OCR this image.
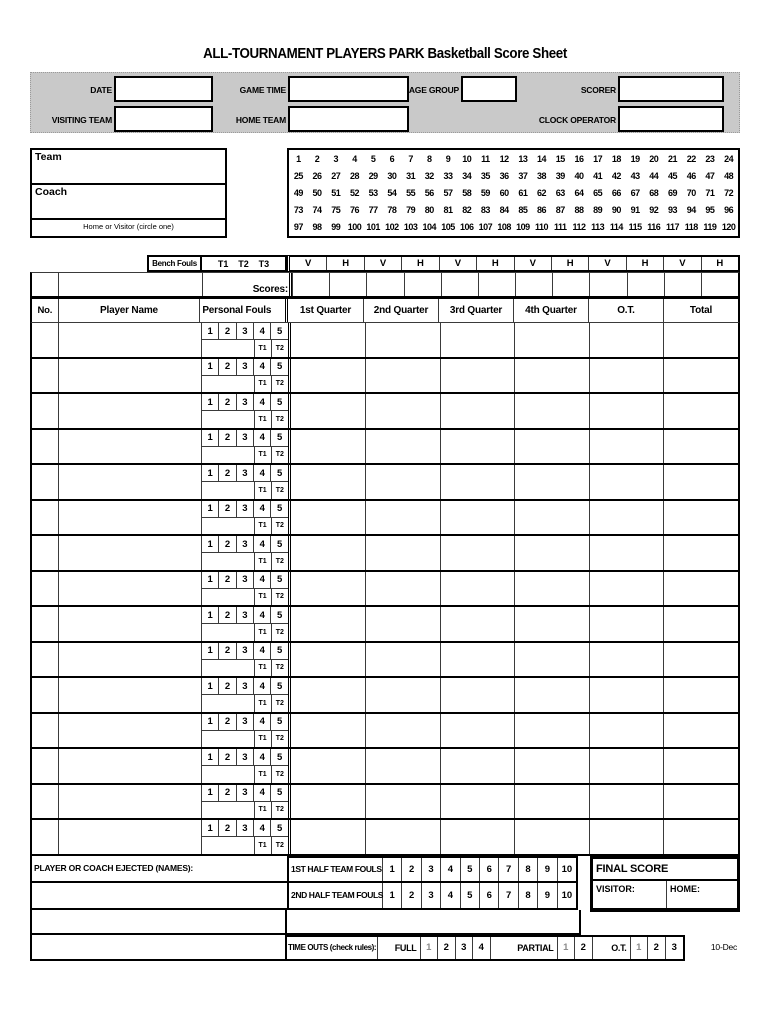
ALL-TOURNAMENT PLAYERS PARK Basketball Score Sheet
DATE	GAME TIME	AGE GROUP	SCORER
VISITING TEAM	HOME TEAM	CLOCK OPERATOR
Team
Coach
Home or Visitor (circle one)
1	2	3	4	5	6	7	8	9	10	11	12	13	14	15	16	17	18	19	20	21	22	23	24
25	26	27	28	29	30	31	32	33	34	35	36	37	38	39	40	41	42	43	44	45	46	47	48
49	50	51	52	53	54	55	56	57	58	59	60	61	62	63	64	65	66	67	68	69	70	71	72
73	74	75	76	77	78	79	80	81	82	83	84	85	86	87	88	89	90	91	92	93	94	95	96
97	98	99 100 101 102 103 104 105 106 107 108 109 110 111 112 113 114 115 116 117 118 119 120
Bench Fouls	T1 T2 T3	V	H	V	H	V	H	V	H	V	H	V	H
Scores:
No.	Player Name	Personal Fouls	1st Quarter	2nd Quarter	3rd Quarter	4th Quarter	O.T.	Total
1	2	3	4	5
T1	T2
1	2	3	4	5
T1	T2
1	2	3	4	5
T1	T2
1	2	3	4	5
T1	T2
1	2	3	4	5
T1	T2
1	2	3	4	5
T1	T2
1	2	3	4	5
T1	T2
1	2	3	4	5
T1	T2
1	2	3	4	5
T1	T2
1	2	3	4	5
T1	T2
1	2	3	4	5
T1	T2
1	2	3	4	5
T1	T2
1	2	3	4	5
T1	T2
1	2	3	4	5
T1	T2
1	2	3	4	5
T1	T2
PLAYER OR COACH EJECTED (NAMES):	1ST HALF TEAM FOULS 1	2	3	4	5	6	7	8	9	10
2ND HALF TEAM FOULS 1	2	3	4	5	6	7	8	9	10
TIME OUTS (check rules):	FULL	1	2	3	4	PARTIAL	1	2	O.T.	1	2	3
FINAL SCORE
VISITOR:	HOME:
10-Dec
